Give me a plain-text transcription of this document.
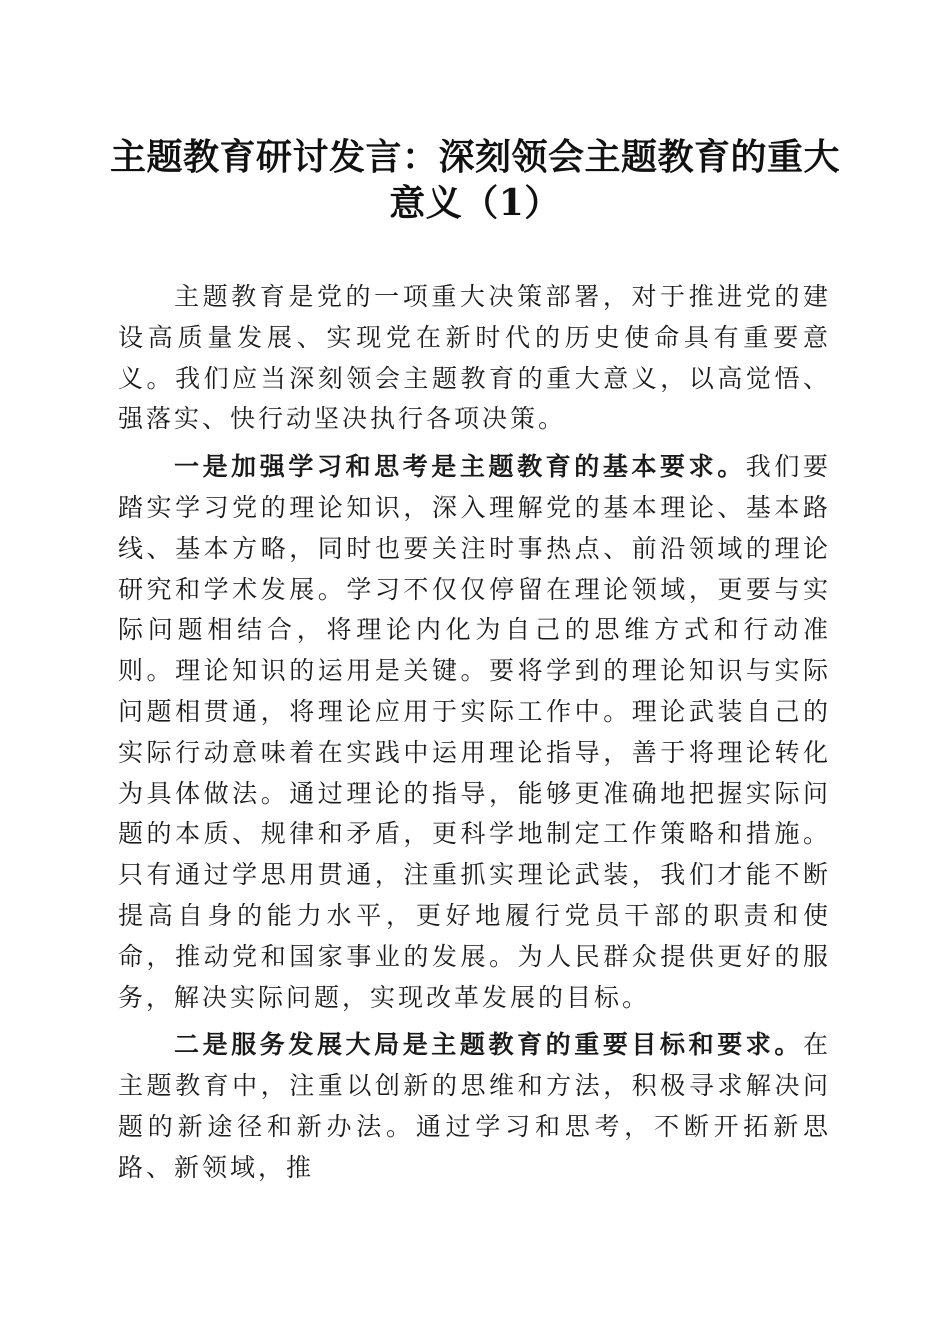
主题教育研讨发言：深刻领会主题教育的重大意义（1）

主题教育是党的一项重大决策部署，对于推进党的建设高质量发展、实现党在新时代的历史使命具有重要意义。我们应当深刻领会主题教育的重大意义，以高觉悟、强落实、快行动坚决执行各项决策。

一是加强学习和思考是主题教育的基本要求。我们要踏实学习党的理论知识，深入理解党的基本理论、基本路线、基本方略，同时也要关注时事热点、前沿领域的理论研究和学术发展。学习不仅仅停留在理论领域，更要与实际问题相结合，将理论内化为自己的思维方式和行动准则。理论知识的运用是关键。要将学到的理论知识与实际问题相贯通，将理论应用于实际工作中。理论武装自己的实际行动意味着在实践中运用理论指导，善于将理论转化为具体做法。通过理论的指导，能够更准确地把握实际问题的本质、规律和矛盾，更科学地制定工作策略和措施。只有通过学思用贯通，注重抓实理论武装，我们才能不断提高自身的能力水平，更好地履行党员干部的职责和使命，推动党和国家事业的发展。为人民群众提供更好的服务，解决实际问题，实现改革发展的目标。

二是服务发展大局是主题教育的重要目标和要求。在主题教育中，注重以创新的思维和方法，积极寻求解决问题的新途径和新办法。通过学习和思考，不断开拓新思路、新领域，推
